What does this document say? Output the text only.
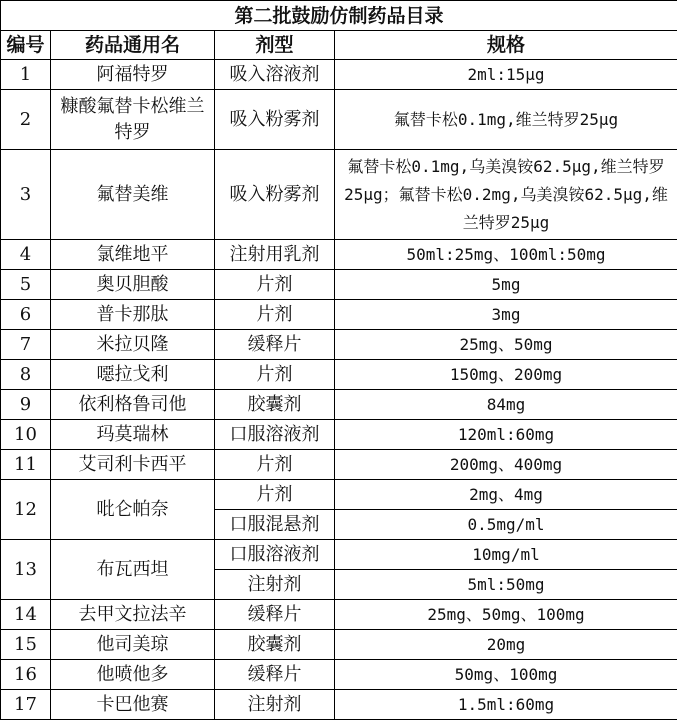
第二批鼓励仿制药品目录			
编号	药品通用名	剂型	规格
1	阿福特罗	吸入溶液剂	2ml:15μg
2	糠酸氟替卡松维兰特罗	吸入粉雾剂	氟替卡松0.1mg,维兰特罗25μg
3	氟替美维	吸入粉雾剂	氟替卡松0.1mg,乌美溴铵62.5μg,维兰特罗25μg；氟替卡松0.2mg,乌美溴铵62.5μg,维兰特罗25μg
4	氯维地平	注射用乳剂	50ml:25mg、100ml:50mg
5	奥贝胆酸	片剂	5mg
6	普卡那肽	片剂	3mg
7	米拉贝隆	缓释片	25mg、50mg
8	噁拉戈利	片剂	150mg、200mg
9	依利格鲁司他	胶囊剂	84mg
10	玛莫瑞林	口服溶液剂	120ml:60mg
11	艾司利卡西平	片剂	200mg、400mg
12	吡仑帕奈	片剂	2mg、4mg
		口服混悬剂	0.5mg/ml
13	布瓦西坦	口服溶液剂	10mg/ml
		注射剂	5ml:50mg
14	去甲文拉法辛	缓释片	25mg、50mg、100mg
15	他司美琼	胶囊剂	20mg
16	他喷他多	缓释片	50mg、100mg
17	卡巴他赛	注射剂	1.5ml:60mg
